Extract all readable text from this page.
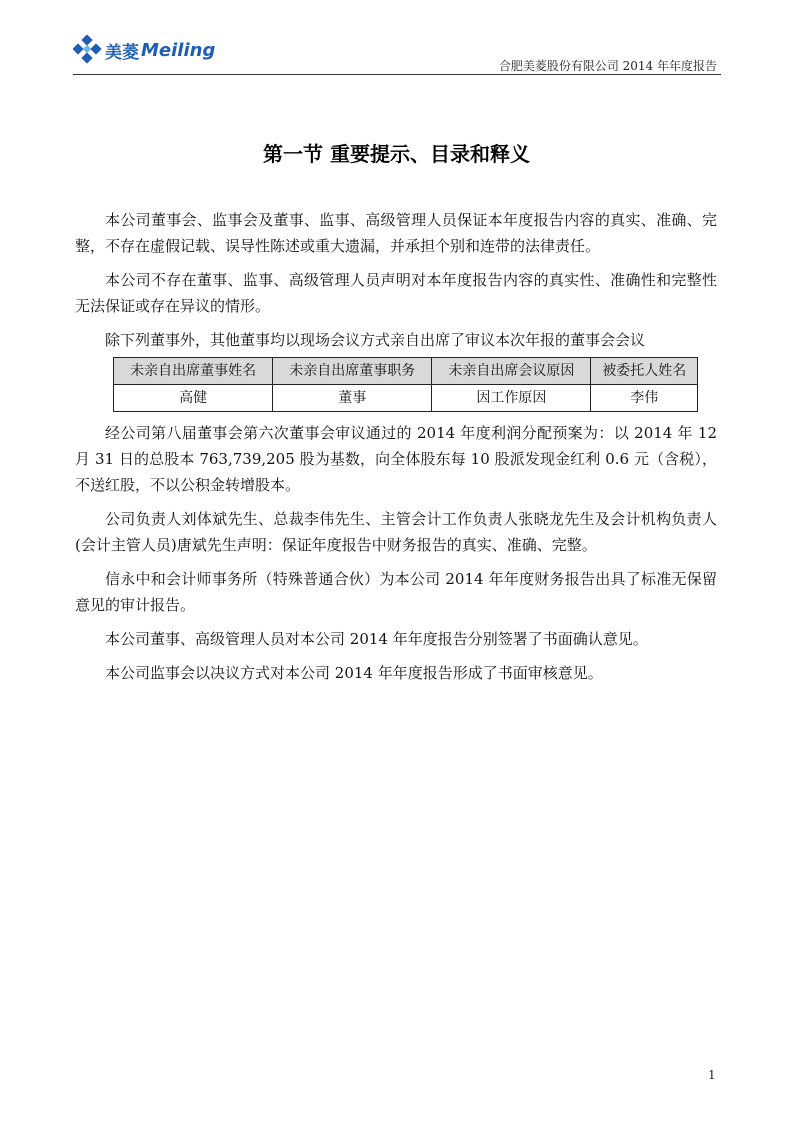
美菱 Meiling
合肥美菱股份有限公司 2014 年年度报告
第一节 重要提示、目录和释义

本公司董事会、监事会及董事、监事、高级管理人员保证本年度报告内容的真实、准确、完整，不存在虚假记载、误导性陈述或重大遗漏，并承担个别和连带的法律责任。

本公司不存在董事、监事、高级管理人员声明对本年度报告内容的真实性、准确性和完整性无法保证或存在异议的情形。

除下列董事外，其他董事均以现场会议方式亲自出席了审议本次年报的董事会会议

未亲自出席董事姓名	未亲自出席董事职务	未亲自出席会议原因	被委托人姓名
高健	董事	因工作原因	李伟

经公司第八届董事会第六次董事会审议通过的 2014 年度利润分配预案为：以 2014 年 12 月 31 日的总股本 763,739,205 股为基数，向全体股东每 10 股派发现金红利 0.6 元（含税），不送红股，不以公积金转增股本。

公司负责人刘体斌先生、总裁李伟先生、主管会计工作负责人张晓龙先生及会计机构负责人(会计主管人员)唐斌先生声明：保证年度报告中财务报告的真实、准确、完整。

信永中和会计师事务所（特殊普通合伙）为本公司 2014 年年度财务报告出具了标准无保留意见的审计报告。

本公司董事、高级管理人员对本公司 2014 年年度报告分别签署了书面确认意见。

本公司监事会以决议方式对本公司 2014 年年度报告形成了书面审核意见。

1
